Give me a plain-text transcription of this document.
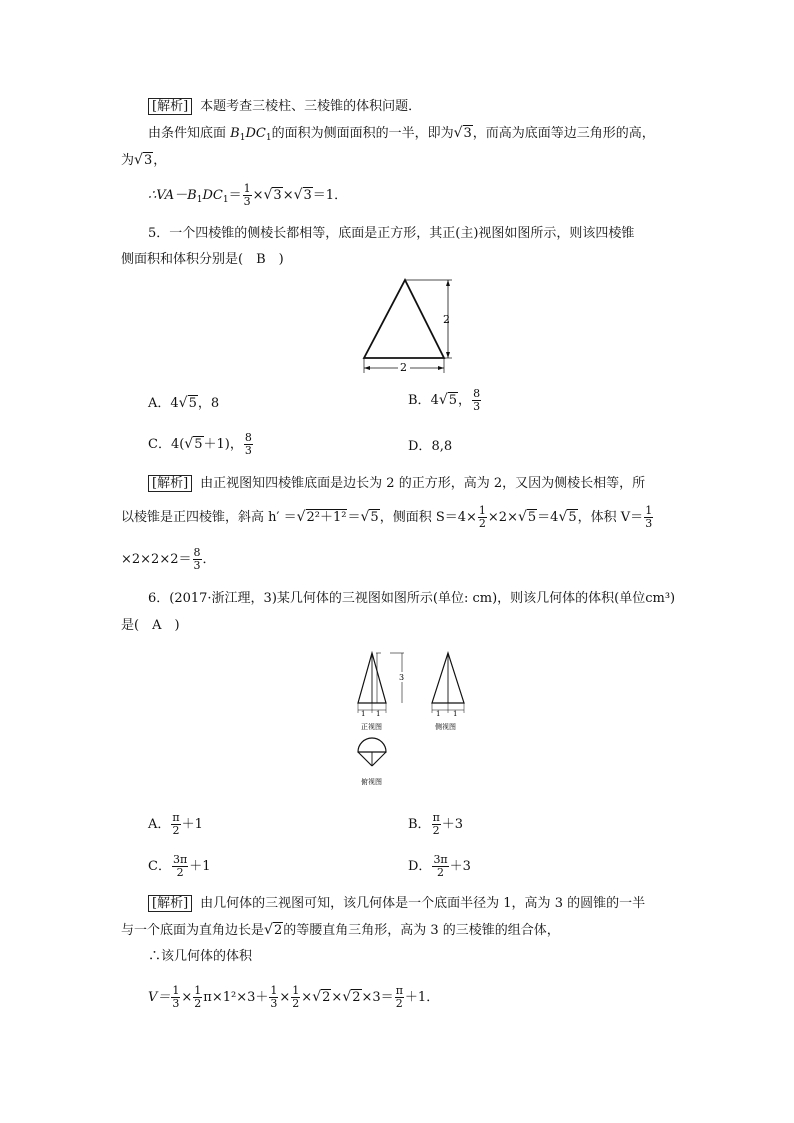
[解析] 本题考查三棱柱、三棱锥的体积问题．
由条件知底面 $B_1DC_1$的面积为侧面面积的一半，即为√3，而高为底面等边三角形的高，
为√3，
$\therefore VA-B_1DC_1= \frac{1}{3} \times√3\times√3=1$．
5．一个四棱锥的侧棱长都相等，底面是正方形，其正(主)视图如图所示，则该四棱锥
侧面积和体积分别是(　B　)
2
2
A．4√5，8	B．4√5， $\frac{8}{3}$
C．4(√5＋1)， $\frac{8}{3}$	D．8,8
[解析] 由正视图知四棱锥底面是边长为 2 的正方形，高为 2，又因为侧棱长相等，所
以棱锥是正四棱锥，斜高 h′ ＝√2²＋1²＝√5，侧面积 $S=4\times \frac{1}{2} \times 2\times√5=4√5$，体积 $V= \frac{1}{3}$
$\times 2\times 2\times 2= \frac{8}{3}$ ．
6．(2017·浙江理，3)某几何体的三视图如图所示(单位: cm)，则该几何体的体积(单位cm³)
是(　A　)
1 1
正视图
3
1 1
侧视图
俯视图
A． $\frac{\pi}{2} +1$	B． $\frac{\pi}{2} +3$
C． $\frac{3\pi}{2} +1$	D． $\frac{3\pi}{2} +3$
[解析] 由几何体的三视图可知，该几何体是一个底面半径为 1，高为 3 的圆锥的一半
与一个底面为直角边长是√2的等腰直角三角形，高为 3 的三棱锥的组合体，
∴该几何体的体积
$V= \frac{1}{3} \times \frac{1}{2} \pi\times 1^2\times 3+ \frac{1}{3} \times \frac{1}{2} \times√2\times√2\times 3= \frac{\pi}{2} +1$．
